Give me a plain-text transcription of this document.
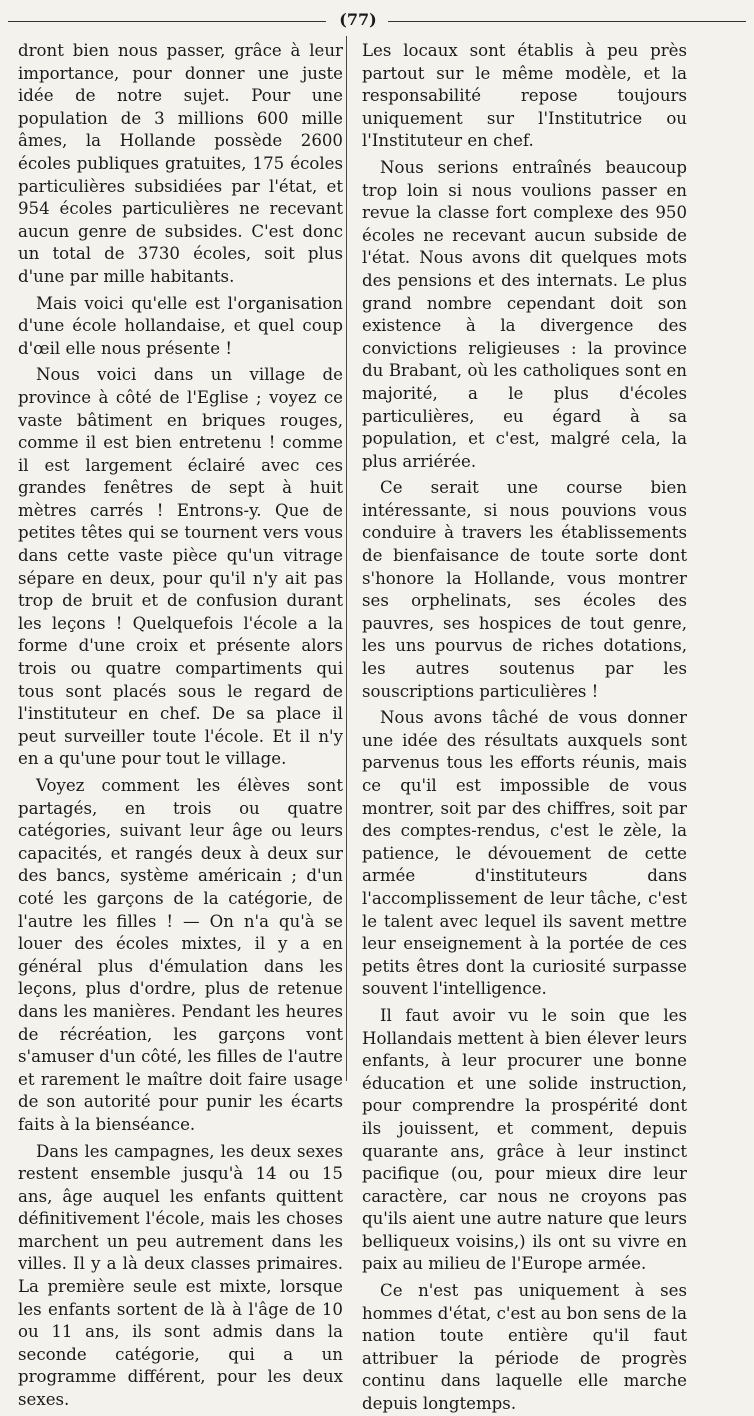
(77)

dront bien nous passer, grâce à leur importance, pour donner une juste idée de notre sujet. Pour une population de 3 millions 600 mille âmes, la Hollande possède 2600 écoles publiques gratuites, 175 écoles particulières subsidiées par l'état, et 954 écoles particulières ne recevant aucun genre de subsides. C'est donc un total de 3730 écoles, soit plus d'une par mille habitants.

Mais voici qu'elle est l'organisation d'une école hollandaise, et quel coup d'œil elle nous présente !

Nous voici dans un village de province à côté de l'Eglise ; voyez ce vaste bâtiment en briques rouges, comme il est bien entretenu ! comme il est largement éclairé avec ces grandes fenêtres de sept à huit mètres carrés ! Entrons-y. Que de petites têtes qui se tournent vers vous dans cette vaste pièce qu'un vitrage sépare en deux, pour qu'il n'y ait pas trop de bruit et de confusion durant les leçons ! Quelquefois l'école a la forme d'une croix et présente alors trois ou quatre compartiments qui tous sont placés sous le regard de l'instituteur en chef. De sa place il peut surveiller toute l'école. Et il n'y en a qu'une pour tout le village.

Voyez comment les élèves sont partagés, en trois ou quatre catégories, suivant leur âge ou leurs capacités, et rangés deux à deux sur des bancs, système américain ; d'un coté les garçons de la catégorie, de l'autre les filles ! — On n'a qu'à se louer des écoles mixtes, il y a en général plus d'émulation dans les leçons, plus d'ordre, plus de retenue dans les manières. Pendant les heures de récréation, les garçons vont s'amuser d'un côté, les filles de l'autre et rarement le maître doit faire usage de son autorité pour punir les écarts faits à la bienséance.

Dans les campagnes, les deux sexes restent ensemble jusqu'à 14 ou 15 ans, âge auquel les enfants quittent définitivement l'école, mais les choses marchent un peu autrement dans les villes. Il y a là deux classes primaires. La première seule est mixte, lorsque les enfants sortent de là à l'âge de 10 ou 11 ans, ils sont admis dans la seconde catégorie, qui a un programme différent, pour les deux sexes.

Les locaux sont établis à peu près partout sur le même modèle, et la responsabilité repose toujours uniquement sur l'Institutrice ou l'Instituteur en chef.

Nous serions entraînés beaucoup trop loin si nous voulions passer en revue la classe fort complexe des 950 écoles ne recevant aucun subside de l'état. Nous avons dit quelques mots des pensions et des internats. Le plus grand nombre cependant doit son existence à la divergence des convictions religieuses : la province du Brabant, où les catholiques sont en majorité, a le plus d'écoles particulières, eu égard à sa population, et c'est, malgré cela, la plus arriérée.

Ce serait une course bien intéressante, si nous pouvions vous conduire à travers les établissements de bienfaisance de toute sorte dont s'honore la Hollande, vous montrer ses orphelinats, ses écoles des pauvres, ses hospices de tout genre, les uns pourvus de riches dotations, les autres soutenus par les souscriptions particulières !

Nous avons tâché de vous donner une idée des résultats auxquels sont parvenus tous les efforts réunis, mais ce qu'il est impossible de vous montrer, soit par des chiffres, soit par des comptes-rendus, c'est le zèle, la patience, le dévouement de cette armée d'instituteurs dans l'accomplissement de leur tâche, c'est le talent avec lequel ils savent mettre leur enseignement à la portée de ces petits êtres dont la curiosité surpasse souvent l'intelligence.

Il faut avoir vu le soin que les Hollandais mettent à bien élever leurs enfants, à leur procurer une bonne éducation et une solide instruction, pour comprendre la prospérité dont ils jouissent, et comment, depuis quarante ans, grâce à leur instinct pacifique (ou, pour mieux dire leur caractère, car nous ne croyons pas qu'ils aient une autre nature que leurs belliqueux voisins,) ils ont su vivre en paix au milieu de l'Europe armée.

Ce n'est pas uniquement à ses hommes d'état, c'est au bon sens de la nation toute entière qu'il faut attribuer la période de progrès continu dans laquelle elle marche depuis longtemps.
